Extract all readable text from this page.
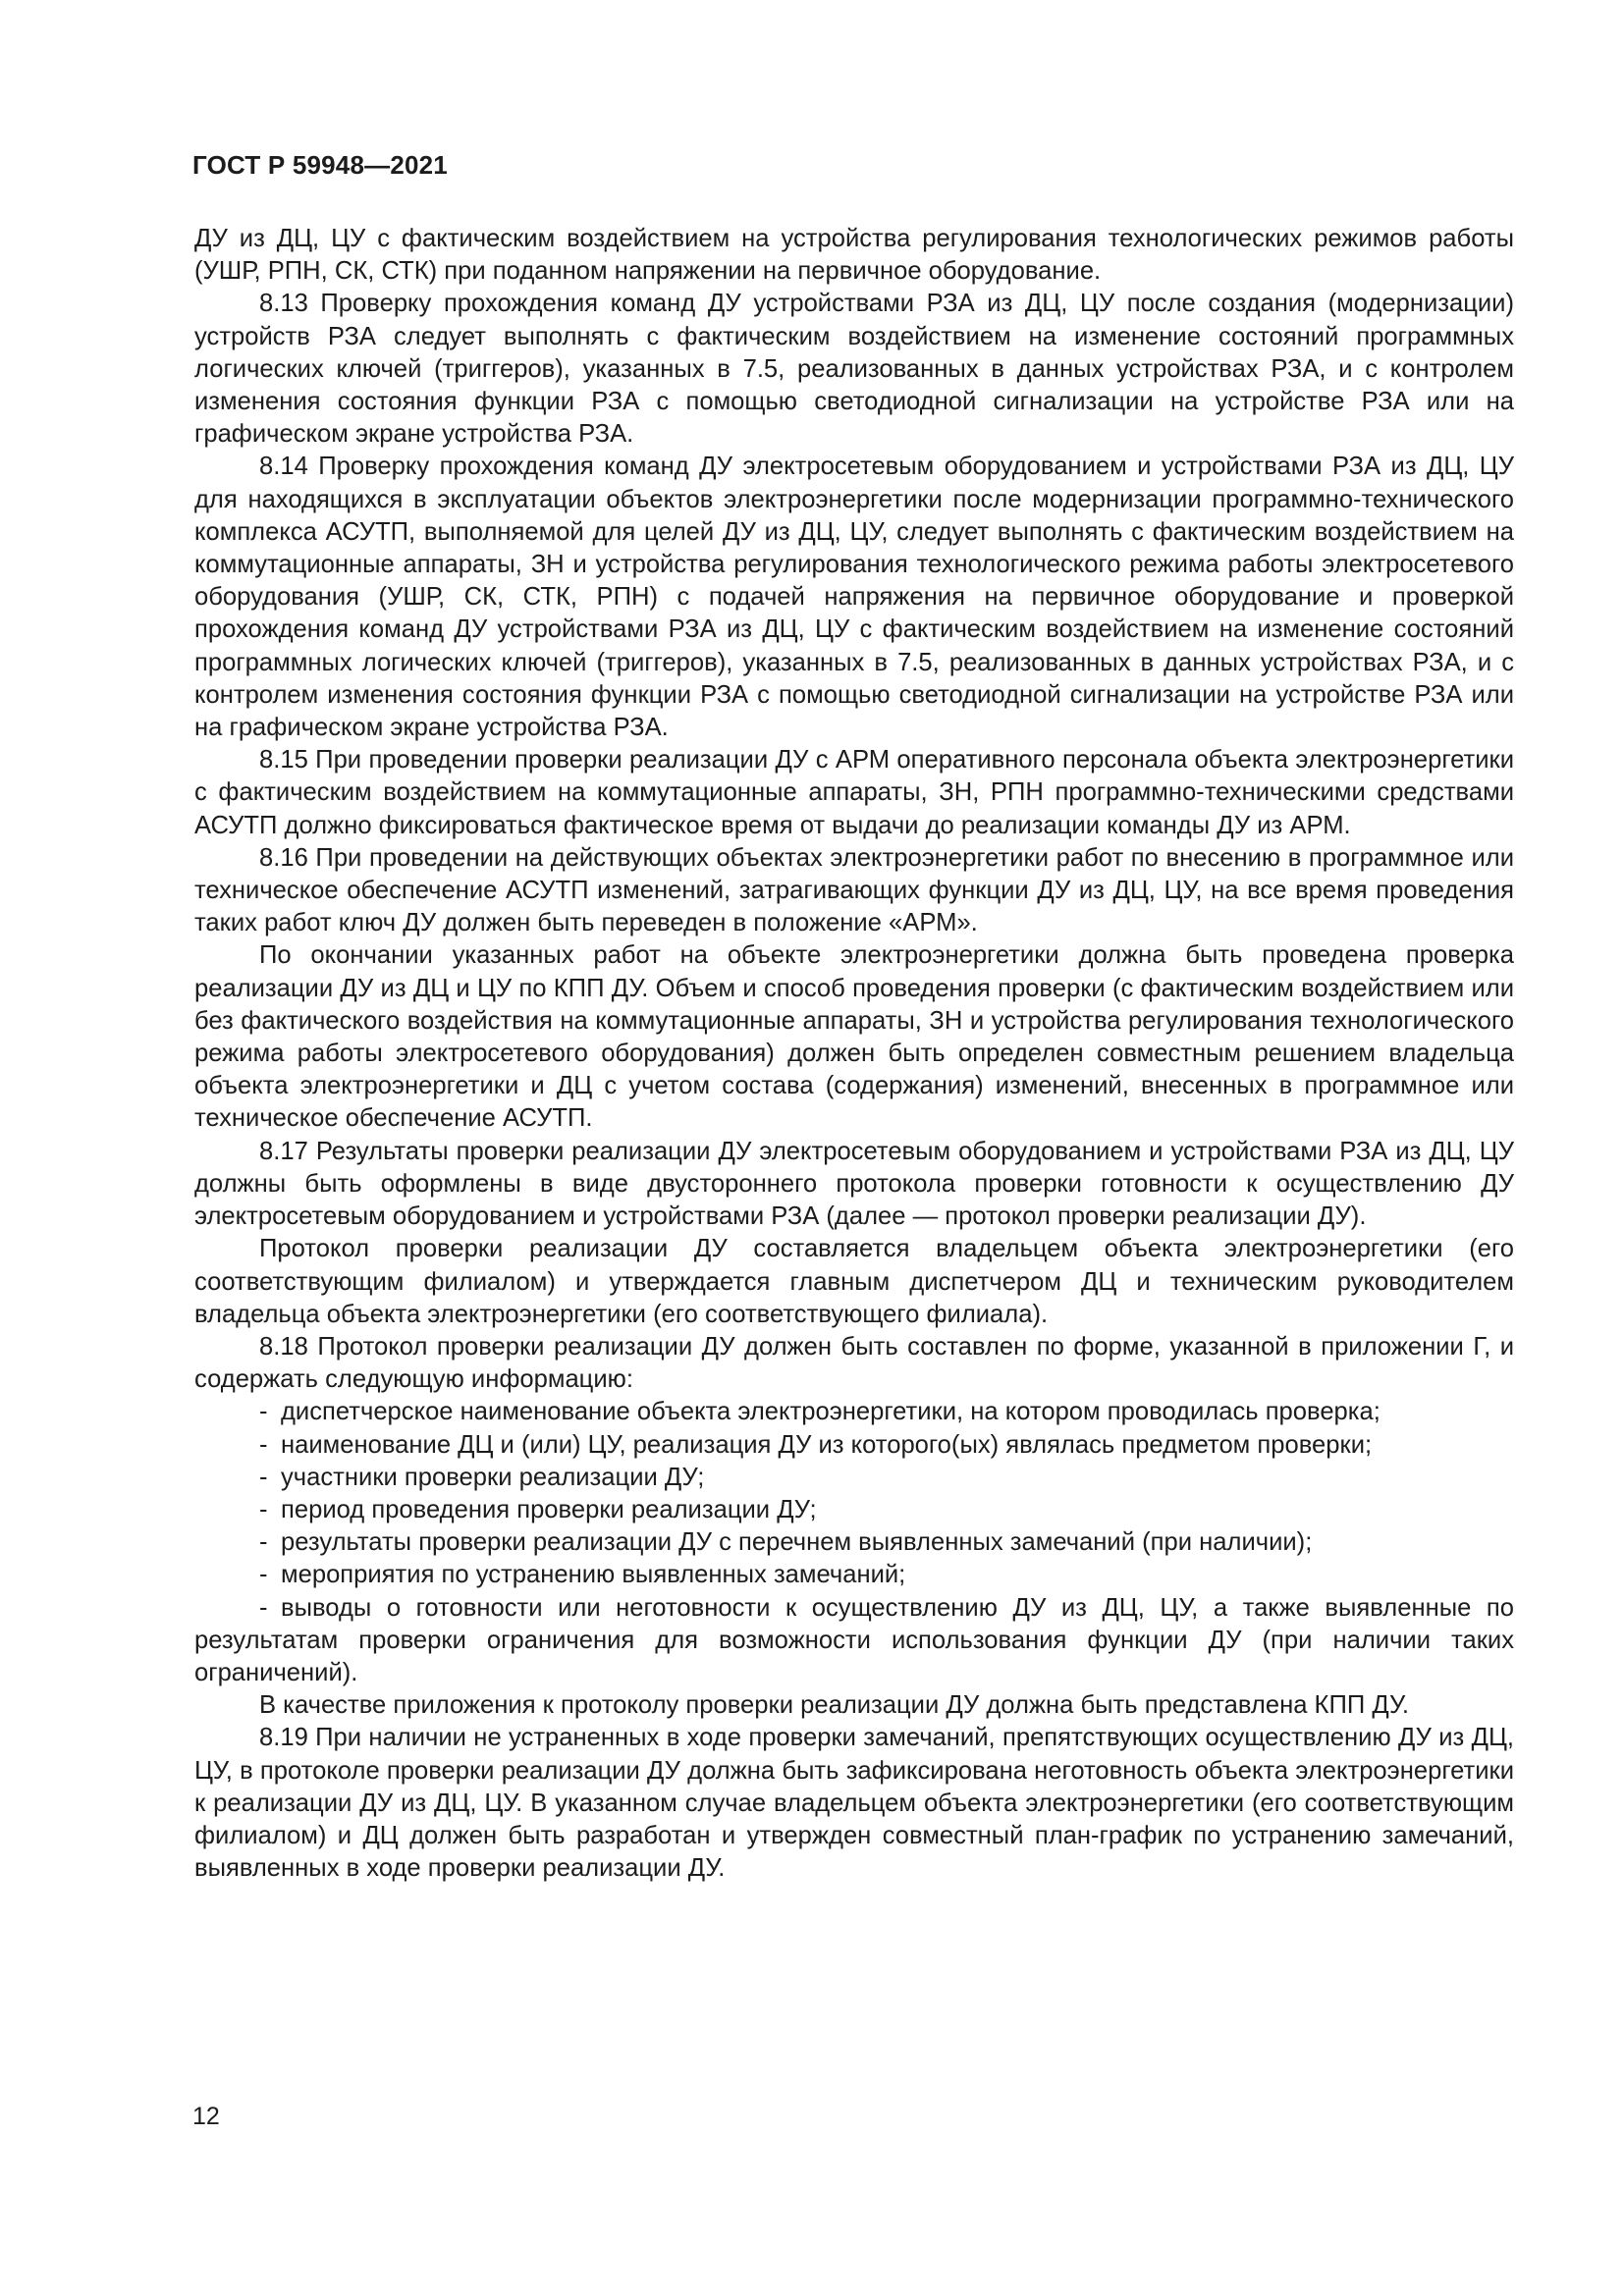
ГОСТ Р 59948—2021

ДУ из ДЦ, ЦУ с фактическим воздействием на устройства регулирования технологических режимов работы (УШР, РПН, СК, СТК) при поданном напряжении на первичное оборудование.

8.13 Проверку прохождения команд ДУ устройствами РЗА из ДЦ, ЦУ после создания (модернизации) устройств РЗА следует выполнять с фактическим воздействием на изменение состояний программных логических ключей (триггеров), указанных в 7.5, реализованных в данных устройствах РЗА, и с контролем изменения состояния функции РЗА с помощью светодиодной сигнализации на устройстве РЗА или на графическом экране устройства РЗА.

8.14 Проверку прохождения команд ДУ электросетевым оборудованием и устройствами РЗА из ДЦ, ЦУ для находящихся в эксплуатации объектов электроэнергетики после модернизации программно-технического комплекса АСУТП, выполняемой для целей ДУ из ДЦ, ЦУ, следует выполнять с фактическим воздействием на коммутационные аппараты, ЗН и устройства регулирования технологического режима работы электросетевого оборудования (УШР, СК, СТК, РПН) с подачей напряжения на первичное оборудование и проверкой прохождения команд ДУ устройствами РЗА из ДЦ, ЦУ с фактическим воздействием на изменение состояний программных логических ключей (триггеров), указанных в 7.5, реализованных в данных устройствах РЗА, и с контролем изменения состояния функции РЗА с помощью светодиодной сигнализации на устройстве РЗА или на графическом экране устройства РЗА.

8.15 При проведении проверки реализации ДУ с АРМ оперативного персонала объекта электроэнергетики с фактическим воздействием на коммутационные аппараты, ЗН, РПН программно-техническими средствами АСУТП должно фиксироваться фактическое время от выдачи до реализации команды ДУ из АРМ.

8.16 При проведении на действующих объектах электроэнергетики работ по внесению в программное или техническое обеспечение АСУТП изменений, затрагивающих функции ДУ из ДЦ, ЦУ, на все время проведения таких работ ключ ДУ должен быть переведен в положение «АРМ».

По окончании указанных работ на объекте электроэнергетики должна быть проведена проверка реализации ДУ из ДЦ и ЦУ по КПП ДУ. Объем и способ проведения проверки (с фактическим воздействием или без фактического воздействия на коммутационные аппараты, ЗН и устройства регулирования технологического режима работы электросетевого оборудования) должен быть определен совместным решением владельца объекта электроэнергетики и ДЦ с учетом состава (содержания) изменений, внесенных в программное или техническое обеспечение АСУТП.

8.17 Результаты проверки реализации ДУ электросетевым оборудованием и устройствами РЗА из ДЦ, ЦУ должны быть оформлены в виде двустороннего протокола проверки готовности к осуществлению ДУ электросетевым оборудованием и устройствами РЗА (далее — протокол проверки реализации ДУ).

Протокол проверки реализации ДУ составляется владельцем объекта электроэнергетики (его соответствующим филиалом) и утверждается главным диспетчером ДЦ и техническим руководителем владельца объекта электроэнергетики (его соответствующего филиала).

8.18 Протокол проверки реализации ДУ должен быть составлен по форме, указанной в приложении Г, и содержать следующую информацию:

- диспетчерское наименование объекта электроэнергетики, на котором проводилась проверка;
- наименование ДЦ и (или) ЦУ, реализация ДУ из которого(ых) являлась предметом проверки;
- участники проверки реализации ДУ;
- период проведения проверки реализации ДУ;
- результаты проверки реализации ДУ с перечнем выявленных замечаний (при наличии);
- мероприятия по устранению выявленных замечаний;
- выводы о готовности или неготовности к осуществлению ДУ из ДЦ, ЦУ, а также выявленные по результатам проверки ограничения для возможности использования функции ДУ (при наличии таких ограничений).

В качестве приложения к протоколу проверки реализации ДУ должна быть представлена КПП ДУ.

8.19 При наличии не устраненных в ходе проверки замечаний, препятствующих осуществлению ДУ из ДЦ, ЦУ, в протоколе проверки реализации ДУ должна быть зафиксирована неготовность объекта электроэнергетики к реализации ДУ из ДЦ, ЦУ. В указанном случае владельцем объекта электроэнергетики (его соответствующим филиалом) и ДЦ должен быть разработан и утвержден совместный план-график по устранению замечаний, выявленных в ходе проверки реализации ДУ.

12
